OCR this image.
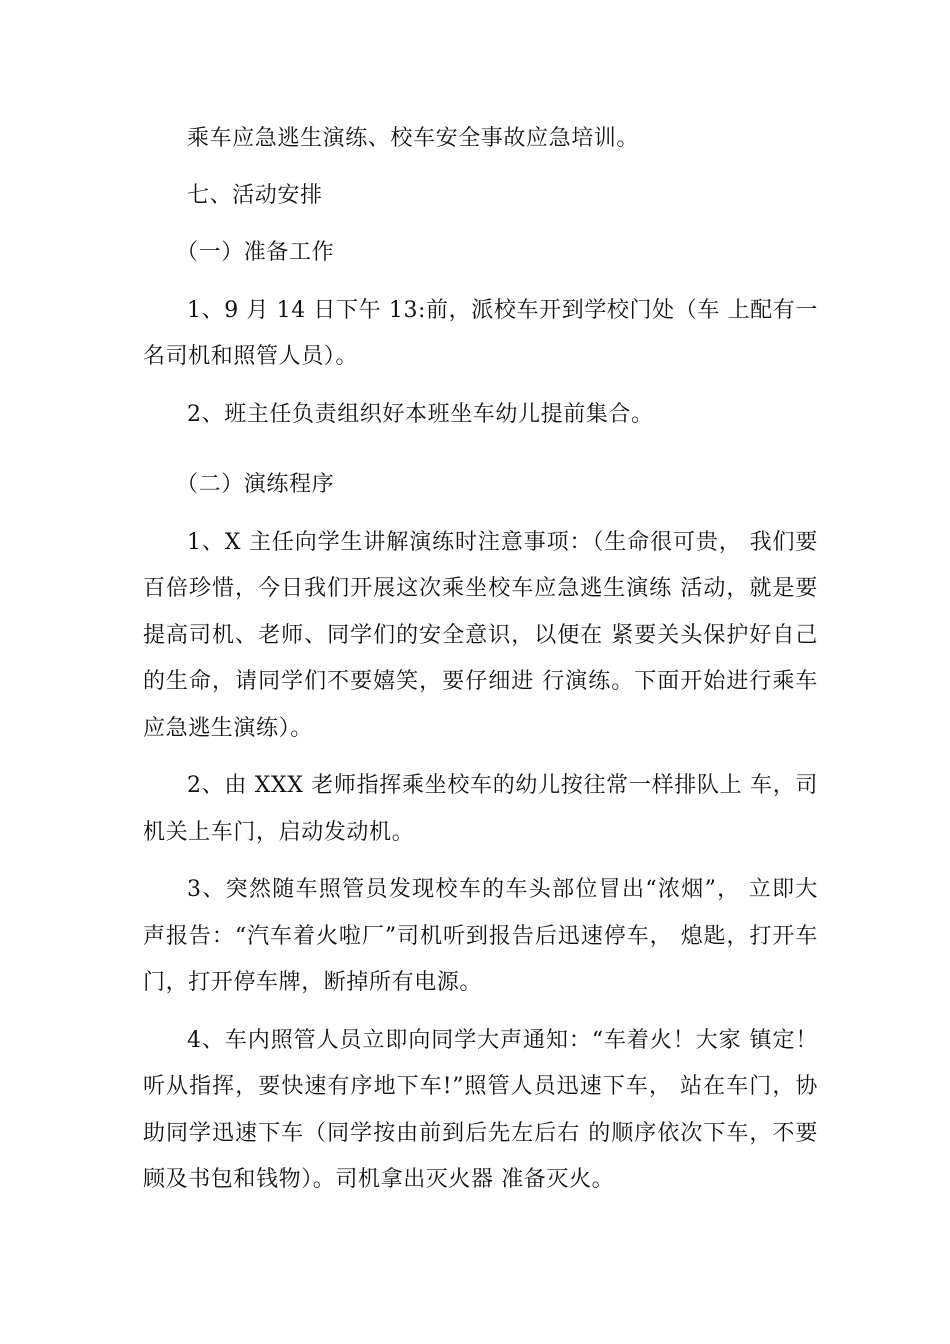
乘车应急逃生演练、校车安全事故应急培训。

七、活动安排

（一）准备工作

1、9 月 14 日下午 13:前，派校车开到学校门处（车 上配有一名司机和照管人员）。

2、班主任负责组织好本班坐车幼儿提前集合。

（二）演练程序

1、X 主任向学生讲解演练时注意事项：（生命很可贵， 我们要百倍珍惜，今日我们开展这次乘坐校车应急逃生演练 活动，就是要提高司机、老师、同学们的安全意识，以便在 紧要关头保护好自己的生命，请同学们不要嬉笑，要仔细进 行演练。下面开始进行乘车应急逃生演练）。

2、由 XXX 老师指挥乘坐校车的幼儿按往常一样排队上 车，司机关上车门，启动发动机。

3、突然随车照管员发现校车的车头部位冒出“浓烟”， 立即大声报告：“汽车着火啦厂”司机听到报告后迅速停车， 熄匙，打开车门，打开停车牌，断掉所有电源。

4、车内照管人员立即向同学大声通知：“车着火！大家 镇定！听从指挥，要快速有序地下车!”照管人员迅速下车， 站在车门，协助同学迅速下车（同学按由前到后先左后右 的顺序依次下车，不要顾及书包和钱物）。司机拿出灭火器 准备灭火。
